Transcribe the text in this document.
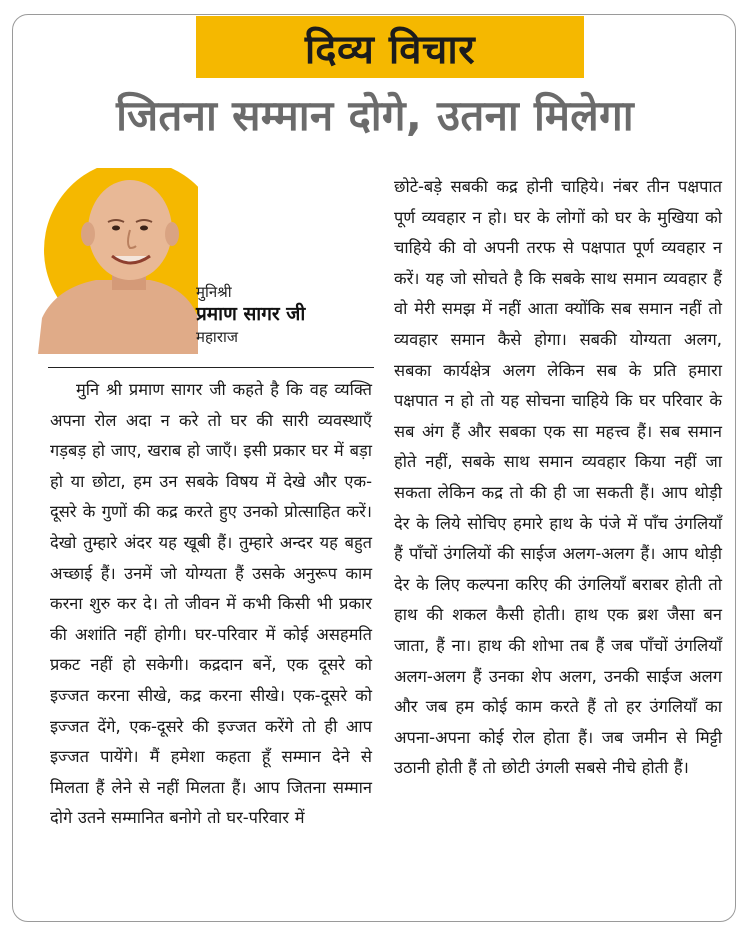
दिव्य विचार
जितना सम्मान दोगे, उतना मिलेगा
मुनिश्री
प्रमाण सागर जी
महाराज
मुनि श्री प्रमाण सागर जी कहते है कि वह व्यक्ति अपना रोल अदा न करे तो घर की सारी व्यवस्थाएँ गड़बड़ हो जाए, खराब हो जाएँ। इसी प्रकार घर में बड़ा हो या छोटा, हम उन सबके विषय में देखे और एक-दूसरे के गुणों की कद्र करते हुए उनको प्रोत्साहित करें। देखो तुम्हारे अंदर यह खूबी हैं। तुम्हारे अन्दर यह बहुत अच्छाई हैं। उनमें जो योग्यता हैं उसके अनुरूप काम करना शुरु कर दे। तो जीवन में कभी किसी भी प्रकार की अशांति नहीं होगी। घर-परिवार में कोई असहमति प्रकट नहीं हो सकेगी। कद्रदान बनें, एक दूसरे को इज्जत करना सीखे, कद्र करना सीखे। एक-दूसरे को इज्जत देंगे, एक-दूसरे की इज्जत करेंगे तो ही आप इज्जत पायेंगे। मैं हमेशा कहता हूँ सम्मान देने से मिलता हैं लेने से नहीं मिलता हैं। आप जितना सम्मान दोगे उतने सम्मानित बनोगे तो घर-परिवार में
छोटे-बड़े सबकी कद्र होनी चाहिये। नंबर तीन पक्षपात पूर्ण व्यवहार न हो। घर के लोगों को घर के मुखिया को चाहिये की वो अपनी तरफ से पक्षपात पूर्ण व्यवहार न करें। यह जो सोचते है कि सबके साथ समान व्यवहार हैं वो मेरी समझ में नहीं आता क्योंकि सब समान नहीं तो व्यवहार समान कैसे होगा। सबकी योग्यता अलग, सबका कार्यक्षेत्र अलग लेकिन सब के प्रति हमारा पक्षपात न हो तो यह सोचना चाहिये कि घर परिवार के सब अंग हैं और सबका एक सा महत्त्व हैं। सब समान होते नहीं, सबके साथ समान व्यवहार किया नहीं जा सकता लेकिन कद्र तो की ही जा सकती हैं। आप थोड़ी देर के लिये सोचिए हमारे हाथ के पंजे में पाँच उंगलियाँ हैं पाँचों उंगलियों की साईज अलग-अलग हैं। आप थोड़ी देर के लिए कल्पना करिए की उंगलियाँ बराबर होती तो हाथ की शकल कैसी होती। हाथ एक ब्रश जैसा बन जाता, हैं ना। हाथ की शोभा तब हैं जब पाँचों उंगलियाँ अलग-अलग हैं उनका शेप अलग, उनकी साईज अलग और जब हम कोई काम करते हैं तो हर उंगलियाँ का अपना-अपना कोई रोल होता हैं। जब जमीन से मिट्टी उठानी होती हैं तो छोटी उंगली सबसे नीचे होती हैं।
